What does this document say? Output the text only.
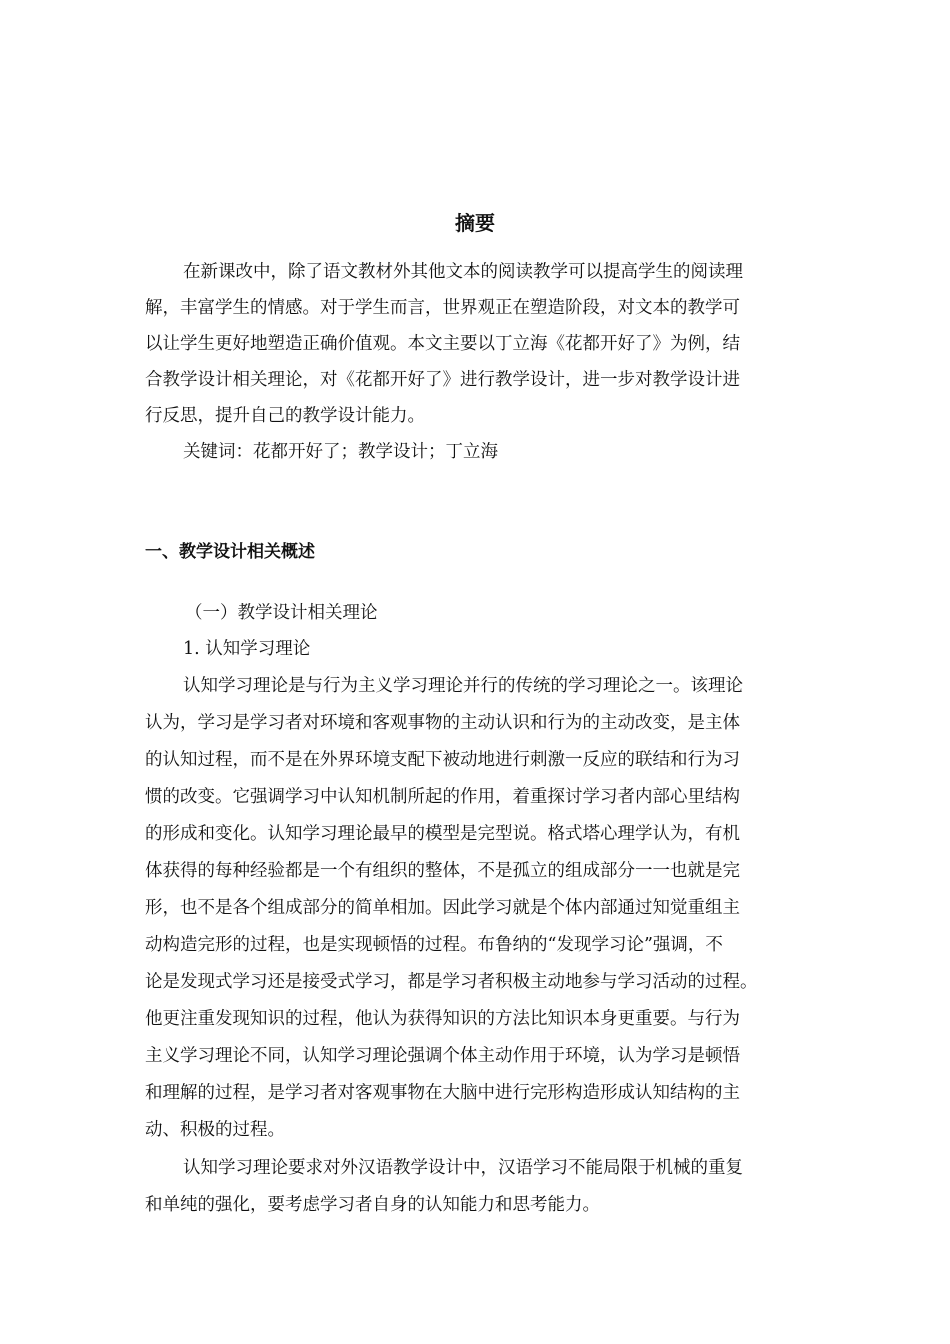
摘要
在新课改中，除了语文教材外其他文本的阅读教学可以提高学生的阅读理
解，丰富学生的情感。对于学生而言，世界观正在塑造阶段，对文本的教学可
以让学生更好地塑造正确价值观。本文主要以丁立海《花都开好了》为例，结
合教学设计相关理论，对《花都开好了》进行教学设计，进一步对教学设计进
行反思，提升自己的教学设计能力。
关键词：花都开好了；教学设计；丁立海
一、教学设计相关概述
（一）教学设计相关理论
1. 认知学习理论
认知学习理论是与行为主义学习理论并行的传统的学习理论之一。该理论
认为，学习是学习者对环境和客观事物的主动认识和行为的主动改变，是主体
的认知过程，而不是在外界环境支配下被动地进行刺激一反应的联结和行为习
惯的改变。它强调学习中认知机制所起的作用，着重探讨学习者内部心里结构
的形成和变化。认知学习理论最早的模型是完型说。格式塔心理学认为，有机
体获得的每种经验都是一个有组织的整体，不是孤立的组成部分一一也就是完
形，也不是各个组成部分的简单相加。因此学习就是个体内部通过知觉重组主
动构造完形的过程，也是实现顿悟的过程。布鲁纳的“发现学习论”强调，不
论是发现式学习还是接受式学习，都是学习者积极主动地参与学习活动的过程。
他更注重发现知识的过程，他认为获得知识的方法比知识本身更重要。与行为
主义学习理论不同，认知学习理论强调个体主动作用于环境，认为学习是顿悟
和理解的过程，是学习者对客观事物在大脑中进行完形构造形成认知结构的主
动、积极的过程。
认知学习理论要求对外汉语教学设计中，汉语学习不能局限于机械的重复
和单纯的强化，要考虑学习者自身的认知能力和思考能力。
